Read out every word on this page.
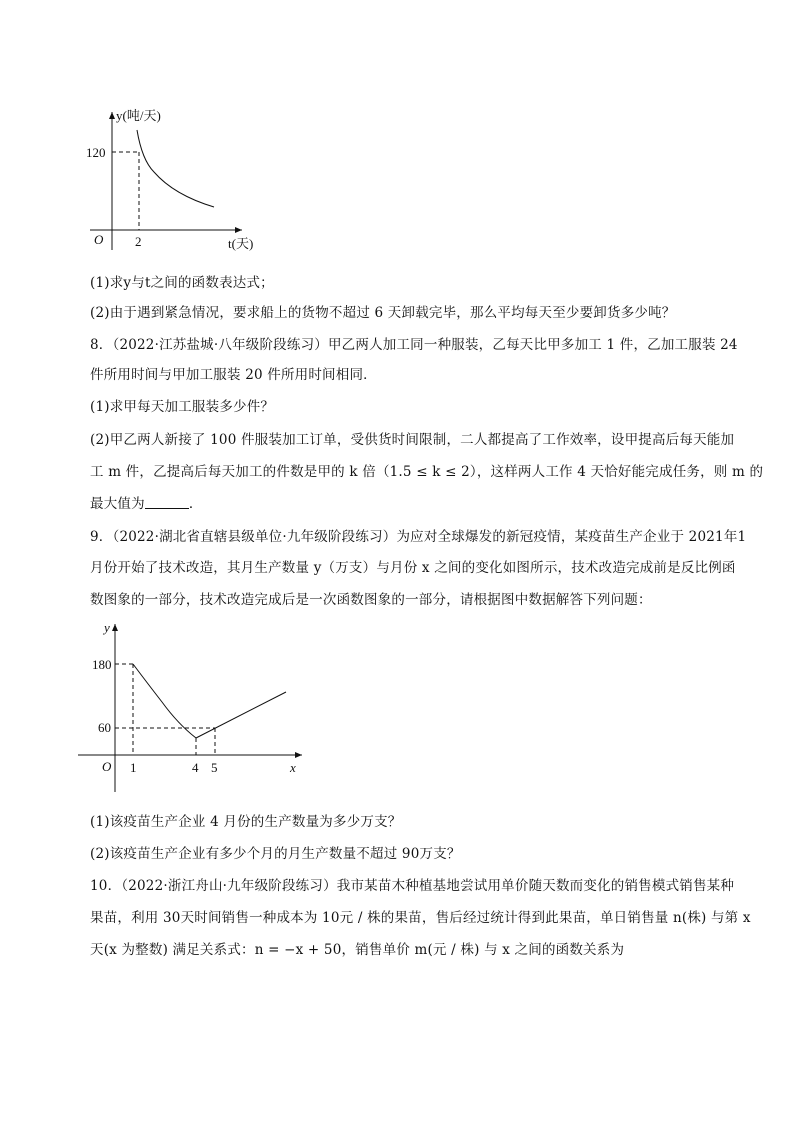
y(吨/天)
120
O 2	t(天)
(1)求y与t之间的函数表达式；
(2)由于遇到紧急情况，要求船上的货物不超过 6 天卸载完毕，那么平均每天至少要卸货多少吨？
8．（2022·江苏盐城·八年级阶段练习）甲乙两人加工同一种服装，乙每天比甲多加工 1 件，乙加工服装 24
件所用时间与甲加工服装 20 件所用时间相同．
(1)求甲每天加工服装多少件？
(2)甲乙两人新接了 100 件服装加工订单，受供货时间限制，二人都提高了工作效率，设甲提高后每天能加
工 m 件，乙提高后每天加工的件数是甲的 k 倍（1.5 ≤ k ≤ 2），这样两人工作 4 天恰好能完成任务，则 m 的
最大值为	．
9．（2022·湖北省直辖县级单位·九年级阶段练习）为应对全球爆发的新冠疫情，某疫苗生产企业于 2021年1
月份开始了技术改造，其月生产数量 y（万支）与月份 x 之间的变化如图所示，技术改造完成前是反比例函
数图象的一部分，技术改造完成后是一次函数图象的一部分，请根据图中数据解答下列问题：
y
180
60
O 1	4 5	x
(1)该疫苗生产企业 4 月份的生产数量为多少万支？
(2)该疫苗生产企业有多少个月的月生产数量不超过 90万支？
10．（2022·浙江舟山·九年级阶段练习）我市某苗木种植基地尝试用单价随天数而变化的销售模式销售某种
果苗，利用 30天时间销售一种成本为 10元 / 株的果苗，售后经过统计得到此果苗，单日销售量 n(株) 与第 x
天(x 为整数) 满足关系式：n = −x + 50，销售单价 m(元 / 株) 与 x 之间的函数关系为
